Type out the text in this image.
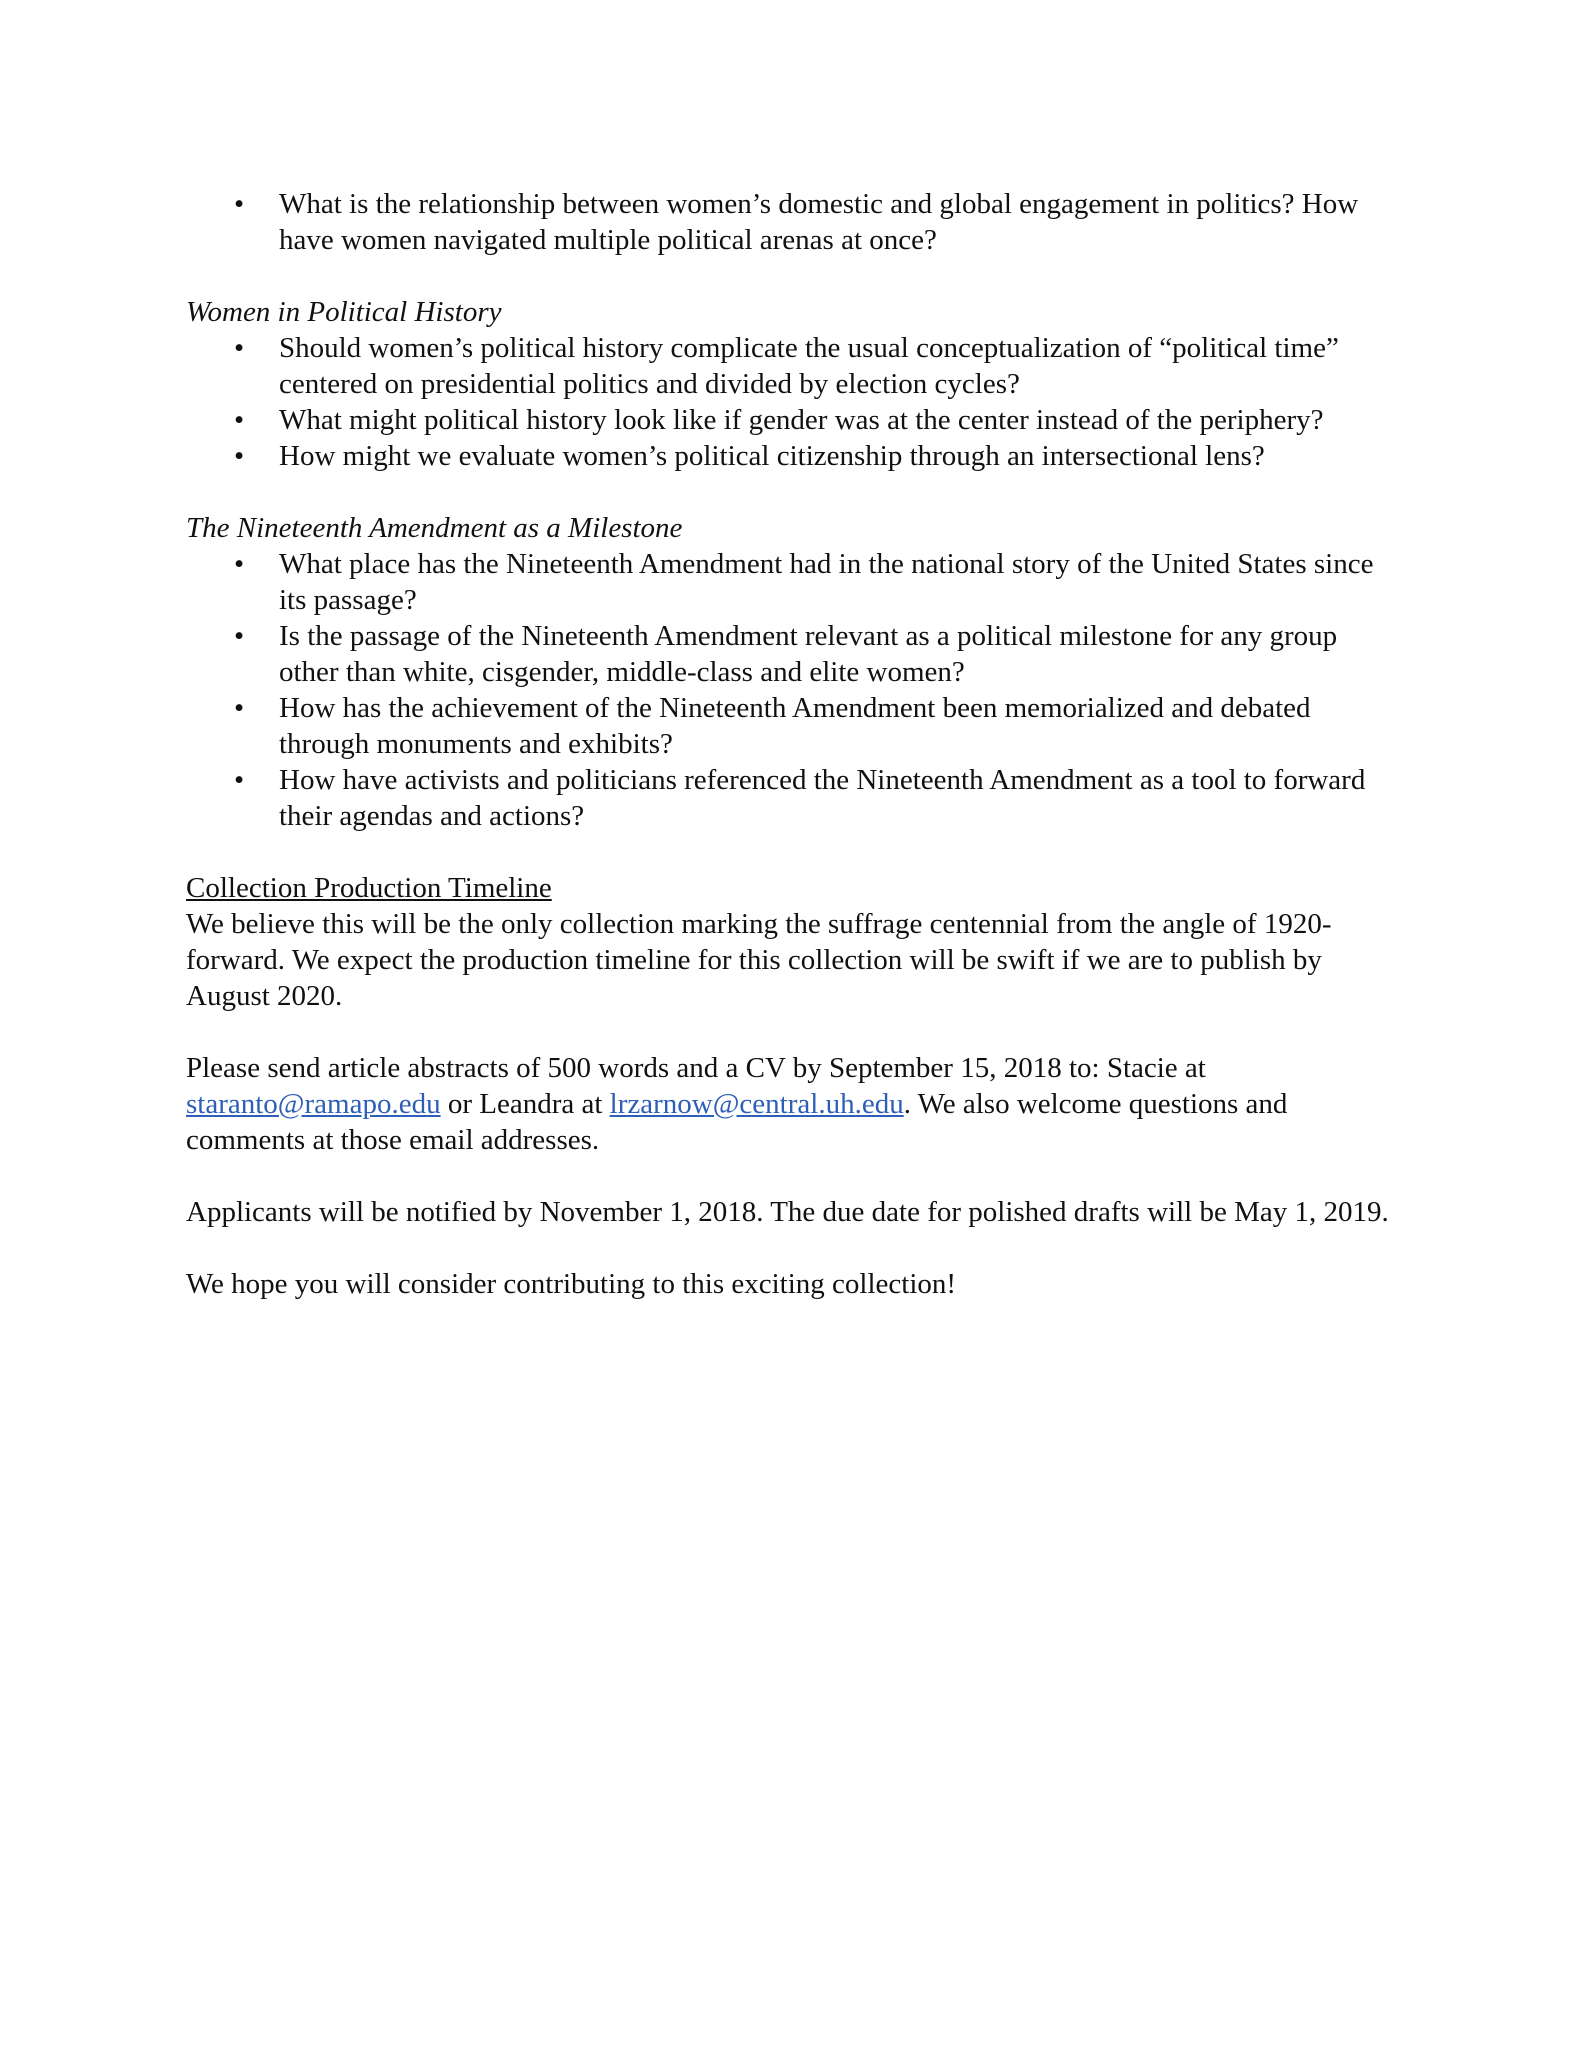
• What is the relationship between women’s domestic and global engagement in politics? How have women navigated multiple political arenas at once?

Women in Political History

• Should women’s political history complicate the usual conceptualization of “political time” centered on presidential politics and divided by election cycles?
• What might political history look like if gender was at the center instead of the periphery?
• How might we evaluate women’s political citizenship through an intersectional lens?

The Nineteenth Amendment as a Milestone

• What place has the Nineteenth Amendment had in the national story of the United States since its passage?
• Is the passage of the Nineteenth Amendment relevant as a political milestone for any group other than white, cisgender, middle-class and elite women?
• How has the achievement of the Nineteenth Amendment been memorialized and debated through monuments and exhibits?
• How have activists and politicians referenced the Nineteenth Amendment as a tool to forward their agendas and actions?

Collection Production Timeline

We believe this will be the only collection marking the suffrage centennial from the angle of 1920-forward. We expect the production timeline for this collection will be swift if we are to publish by August 2020.

Please send article abstracts of 500 words and a CV by September 15, 2018 to: Stacie at staranto@ramapo.edu or Leandra at lrzarnow@central.uh.edu. We also welcome questions and comments at those email addresses.

Applicants will be notified by November 1, 2018. The due date for polished drafts will be May 1, 2019.

We hope you will consider contributing to this exciting collection!
